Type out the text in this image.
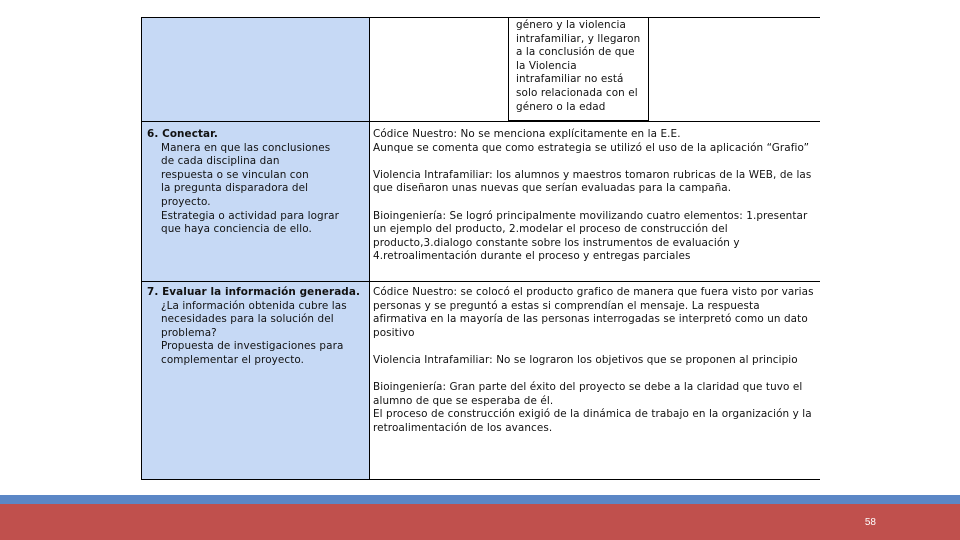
género y la violencia intrafamiliar, y llegaron a la conclusión de que la Violencia intrafamiliar no está solo relacionada con el género o la edad
6. Conectar.
Manera en que las conclusiones
de cada disciplina dan
respuesta o se vinculan con
la pregunta disparadora del
proyecto.
Estrategia o actividad para lograr
que haya conciencia de ello.
Códice Nuestro: No se menciona explícitamente en la E.E.
Aunque se comenta que como estrategia se utilizó el uso de la aplicación “Grafio”
Violencia Intrafamiliar: los alumnos y maestros tomaron rubricas de la WEB, de las que diseñaron unas nuevas que serían evaluadas para la campaña.
Bioingeniería: Se logró principalmente movilizando cuatro elementos: 1.presentar un ejemplo del producto, 2.modelar el proceso de construcción del producto,3.dialogo constante sobre los instrumentos de evaluación y 4.retroalimentación durante el proceso y entregas parciales
7. Evaluar la información generada.
¿La información obtenida cubre las
necesidades para la solución del
problema?
Propuesta de investigaciones para
complementar el proyecto.
Códice Nuestro: se colocó el producto grafico de manera que fuera visto por varias personas y se preguntó a estas si comprendían el mensaje. La respuesta afirmativa en la mayoría de las personas interrogadas se interpretó como un dato positivo
Violencia Intrafamiliar: No se lograron los objetivos que se proponen al principio
Bioingeniería: Gran parte del éxito del proyecto se debe a la claridad que tuvo el alumno de que se esperaba de él.
El proceso de construcción exigió de la dinámica de trabajo en la organización y la retroalimentación de los avances.
58
